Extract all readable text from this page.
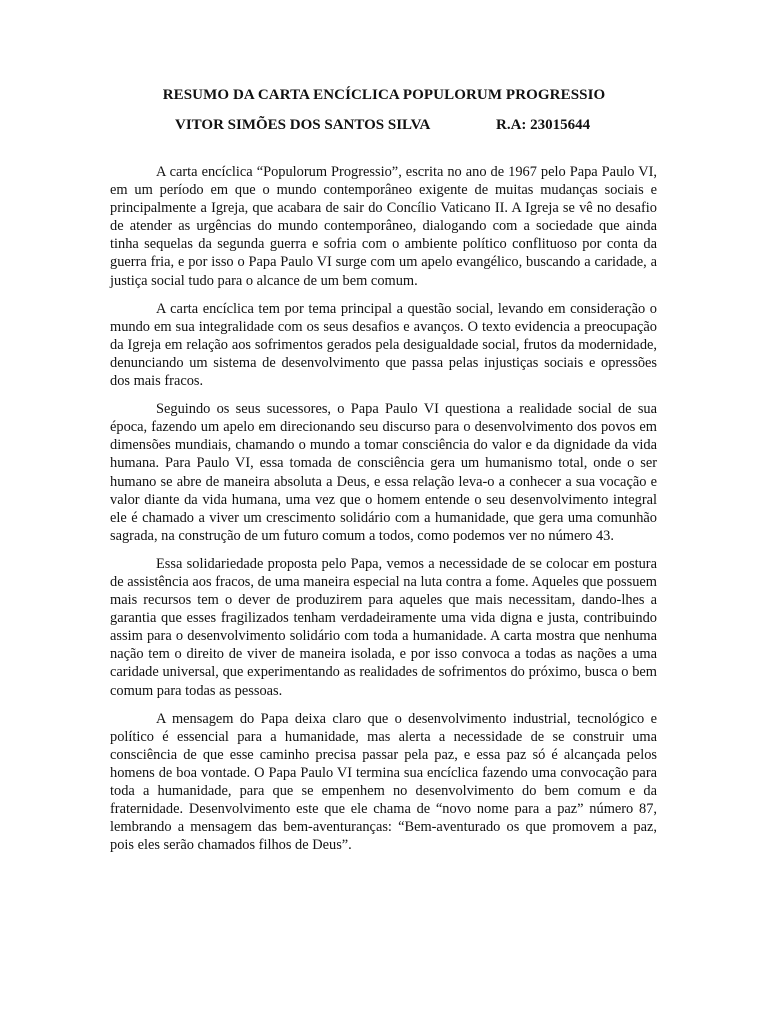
RESUMO DA CARTA ENCÍCLICA POPULORUM PROGRESSIO
VITOR SIMÕES DOS SANTOS SILVA	R.A: 23015644

A carta encíclica “Populorum Progressio”, escrita no ano de 1967 pelo Papa Paulo VI, em um período em que o mundo contemporâneo exigente de muitas mudanças sociais e principalmente a Igreja, que acabara de sair do Concílio Vaticano II. A Igreja se vê no desafio de atender as urgências do mundo contemporâneo, dialogando com a sociedade que ainda tinha sequelas da segunda guerra e sofria com o ambiente político conflituoso por conta da guerra fria, e por isso o Papa Paulo VI surge com um apelo evangélico, buscando a caridade, a justiça social tudo para o alcance de um bem comum.

A carta encíclica tem por tema principal a questão social, levando em consideração o mundo em sua integralidade com os seus desafios e avanços. O texto evidencia a preocupação da Igreja em relação aos sofrimentos gerados pela desigualdade social, frutos da modernidade, denunciando um sistema de desenvolvimento que passa pelas injustiças sociais e opressões dos mais fracos.

Seguindo os seus sucessores, o Papa Paulo VI questiona a realidade social de sua época, fazendo um apelo em direcionando seu discurso para o desenvolvimento dos povos em dimensões mundiais, chamando o mundo a tomar consciência do valor e da dignidade da vida humana. Para Paulo VI, essa tomada de consciência gera um humanismo total, onde o ser humano se abre de maneira absoluta a Deus, e essa relação leva-o a conhecer a sua vocação e valor diante da vida humana, uma vez que o homem entende o seu desenvolvimento integral ele é chamado a viver um crescimento solidário com a humanidade, que gera uma comunhão sagrada, na construção de um futuro comum a todos, como podemos ver no número 43.

Essa solidariedade proposta pelo Papa, vemos a necessidade de se colocar em postura de assistência aos fracos, de uma maneira especial na luta contra a fome. Aqueles que possuem mais recursos tem o dever de produzirem para aqueles que mais necessitam, dando-lhes a garantia que esses fragilizados tenham verdadeiramente uma vida digna e justa, contribuindo assim para o desenvolvimento solidário com toda a humanidade. A carta mostra que nenhuma nação tem o direito de viver de maneira isolada, e por isso convoca a todas as nações a uma caridade universal, que experimentando as realidades de sofrimentos do próximo, busca o bem comum para todas as pessoas.

A mensagem do Papa deixa claro que o desenvolvimento industrial, tecnológico e político é essencial para a humanidade, mas alerta a necessidade de se construir uma consciência de que esse caminho precisa passar pela paz, e essa paz só é alcançada pelos homens de boa vontade. O Papa Paulo VI termina sua encíclica fazendo uma convocação para toda a humanidade, para que se empenhem no desenvolvimento do bem comum e da fraternidade. Desenvolvimento este que ele chama de “novo nome para a paz” número 87, lembrando a mensagem das bem-aventuranças: “Bem-aventurado os que promovem a paz, pois eles serão chamados filhos de Deus”.
